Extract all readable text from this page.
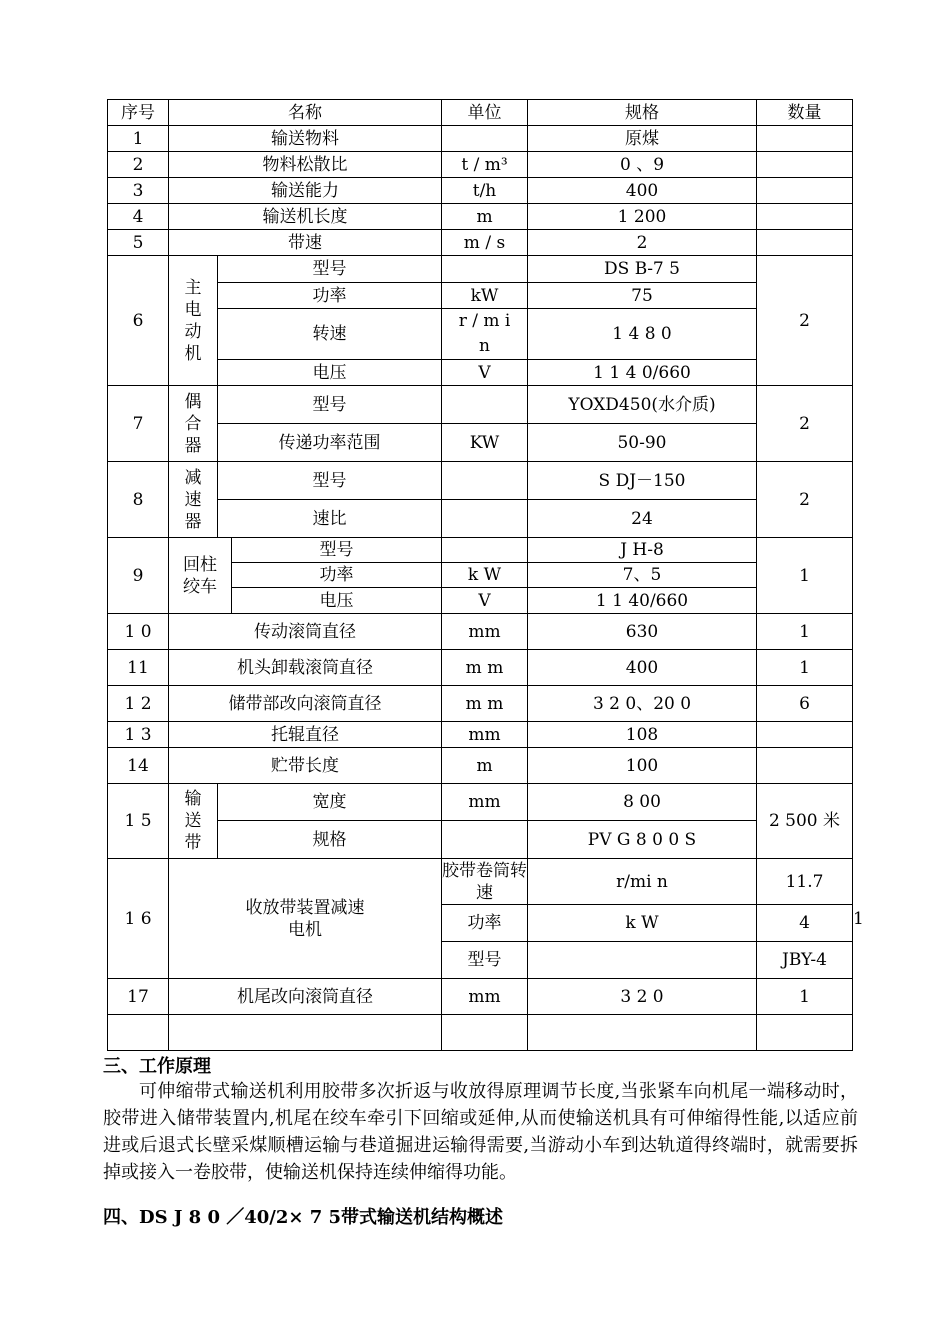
序号	名称			单位	规格	数量	
1	输送物料				原煤		
2	物料松散比			t / m³	0 、9		
3	输送能力			t/h	400		
4	输送机长度			m	1 200		
5	带速			m / s	2		
6	主电动机	型号			DS Β-7 5	2	
		功率		kW	75		
		转速		r / m i n	1 4 8 0		
		电压		V	1 1 4 0/660		
7	偶合器	型号			YOXD450(水介质)	2	
		传递功率范围		KW	50-90		
8	减速器	型号			S DJ－150	2	
		速比			24		
9	回柱绞车		型号		J H-8	1	
			功率	k W	7、5		
			电压	V	1 1 40/660		
1 0	传动滚筒直径			mm	630	1	
11	机头卸载滚筒直径			m m	400	1	
1 2	储带部改向滚筒直径			m m	3 2 0、20 0	6	
1 3	托辊直径			mm	108		
14	贮带长度			m	100		
1 5	输送带	宽度		mm	8 00	2 500 米	
		规格			PV G 8 0 0 S		
1 6	收放带装置减速电机			胶带卷筒转速	r/mi n	11.7	1
				功率	k W	4	
				型号		JBY-4	
17	机尾改向滚筒直径			mm	3 2 0	1	

三、工作原理

可伸缩带式输送机利用胶带多次折返与收放得原理调节长度,当张紧车向机尾一端移动时，胶带进入储带装置内,机尾在绞车牵引下回缩或延伸,从而使输送机具有可伸缩得性能,以适应前进或后退式长壁采煤顺槽运输与巷道掘进运输得需要,当游动小车到达轨道得终端时，就需要拆掉或接入一卷胶带，使输送机保持连续伸缩得功能。

四、DS J 8 0 ／40/2× 7 5带式输送机结构概述
